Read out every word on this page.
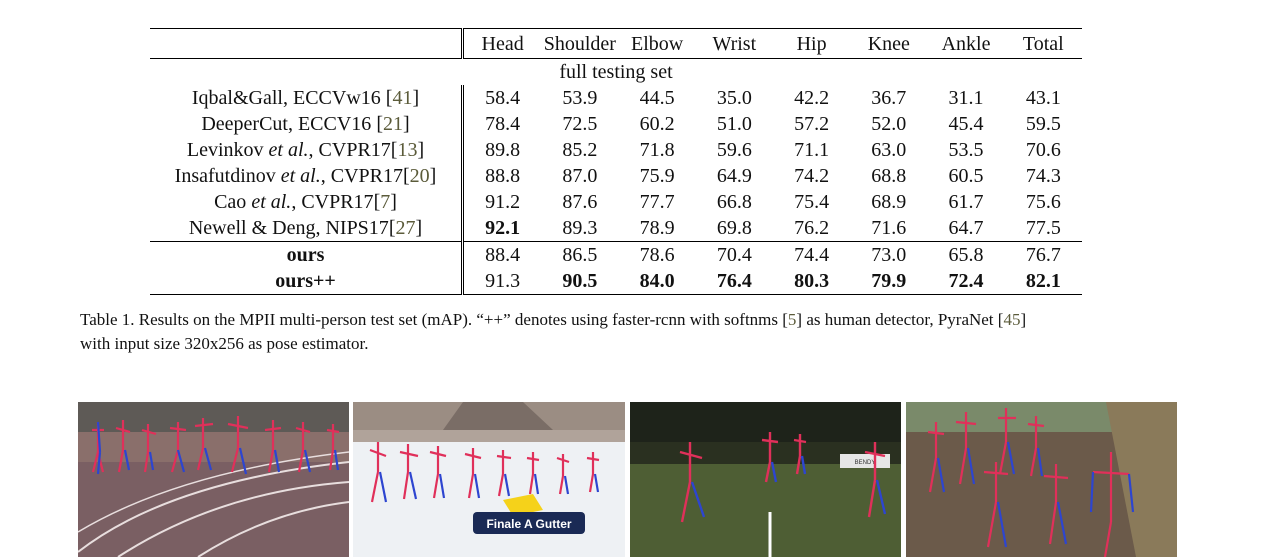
	Head	Shoulder	Elbow	Wrist	Hip	Knee	Ankle	Total
full testing set								
Iqbal&Gall, ECCVw16 [41]	58.4	53.9	44.5	35.0	42.2	36.7	31.1	43.1
DeeperCut, ECCV16 [21]	78.4	72.5	60.2	51.0	57.2	52.0	45.4	59.5
Levinkov et al., CVPR17[13]	89.8	85.2	71.8	59.6	71.1	63.0	53.5	70.6
Insafutdinov et al., CVPR17[20]	88.8	87.0	75.9	64.9	74.2	68.8	60.5	74.3
Cao et al., CVPR17[7]	91.2	87.6	77.7	66.8	75.4	68.9	61.7	75.6
Newell & Deng, NIPS17[27]	92.1	89.3	78.9	69.8	76.2	71.6	64.7	77.5
ours	88.4	86.5	78.6	70.4	74.4	73.0	65.8	76.7
ours++	91.3	90.5	84.0	76.4	80.3	79.9	72.4	82.1
Table 1. Results on the MPII multi-person test set (mAP). “++” denotes using faster-rcnn with softnms [5] as human detector, PyraNet [45]
with input size 320x256 as pose estimator.
Finale A Gutter
BENDY
